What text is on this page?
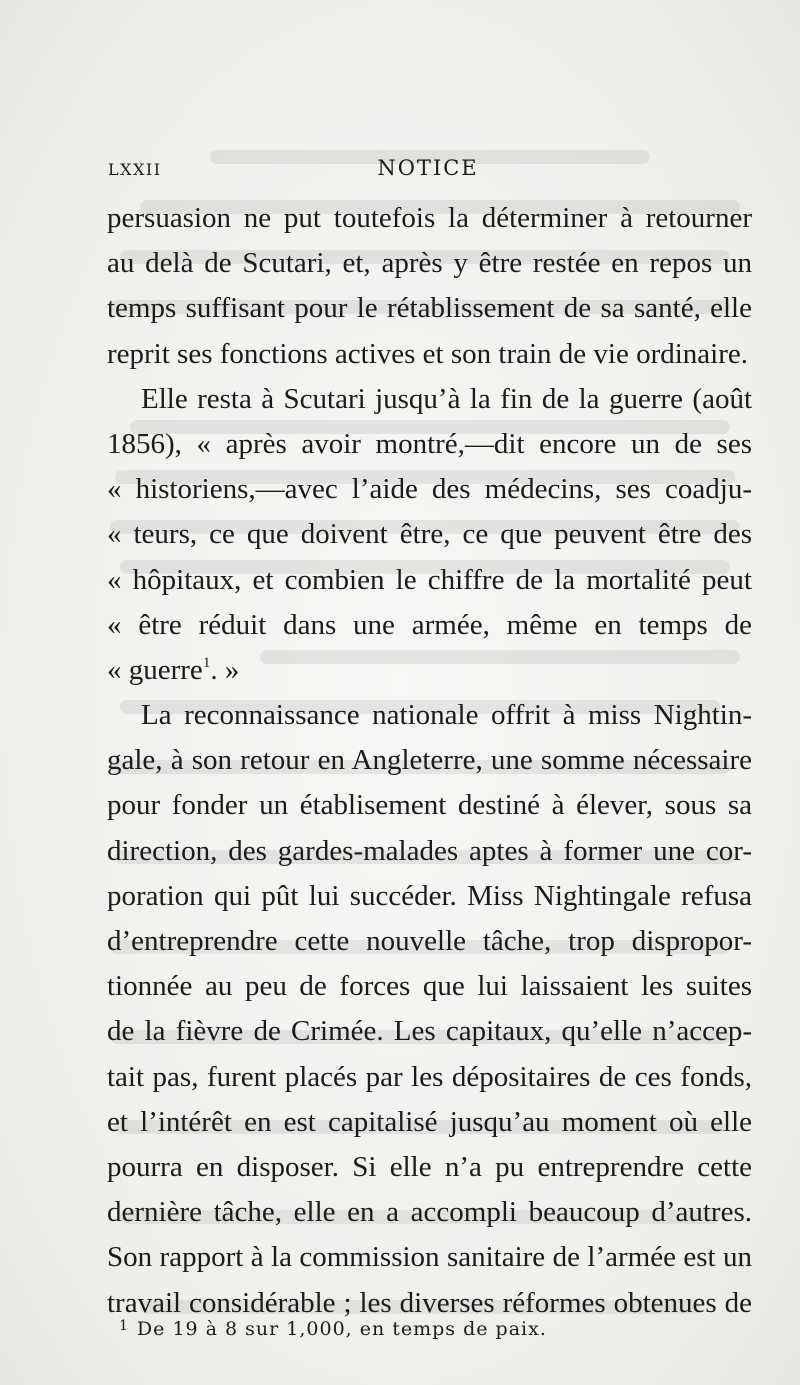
LXXII	NOTICE
persuasion ne put toutefois la déterminer à retourner
au delà de Scutari, et, après y être restée en repos un
temps suffisant pour le rétablissement de sa santé, elle
reprit ses fonctions actives et son train de vie ordinaire.
Elle resta à Scutari jusqu’à la fin de la guerre (août
1856), « après avoir montré,—dit encore un de ses
« historiens,—avec l’aide des médecins, ses coadju-
« teurs, ce que doivent être, ce que peuvent être des
« hôpitaux, et combien le chiffre de la mortalité peut
« être réduit dans une armée, même en temps de
« guerre$^1$. »
La reconnaissance nationale offrit à miss Nightin-
gale, à son retour en Angleterre, une somme nécessaire
pour fonder un établisement destiné à élever, sous sa
direction, des gardes-malades aptes à former une cor-
poration qui pût lui succéder. Miss Nightingale refusa
d’entreprendre cette nouvelle tâche, trop dispropor-
tionnée au peu de forces que lui laissaient les suites
de la fièvre de Crimée. Les capitaux, qu’elle n’accep-
tait pas, furent placés par les dépositaires de ces fonds,
et l’intérêt en est capitalisé jusqu’au moment où elle
pourra en disposer. Si elle n’a pu entreprendre cette
dernière tâche, elle en a accompli beaucoup d’autres.
Son rapport à la commission sanitaire de l’armée est un
travail considérable ; les diverses réformes obtenues de
$^1$ De 19 à 8 sur 1,000, en temps de paix.
